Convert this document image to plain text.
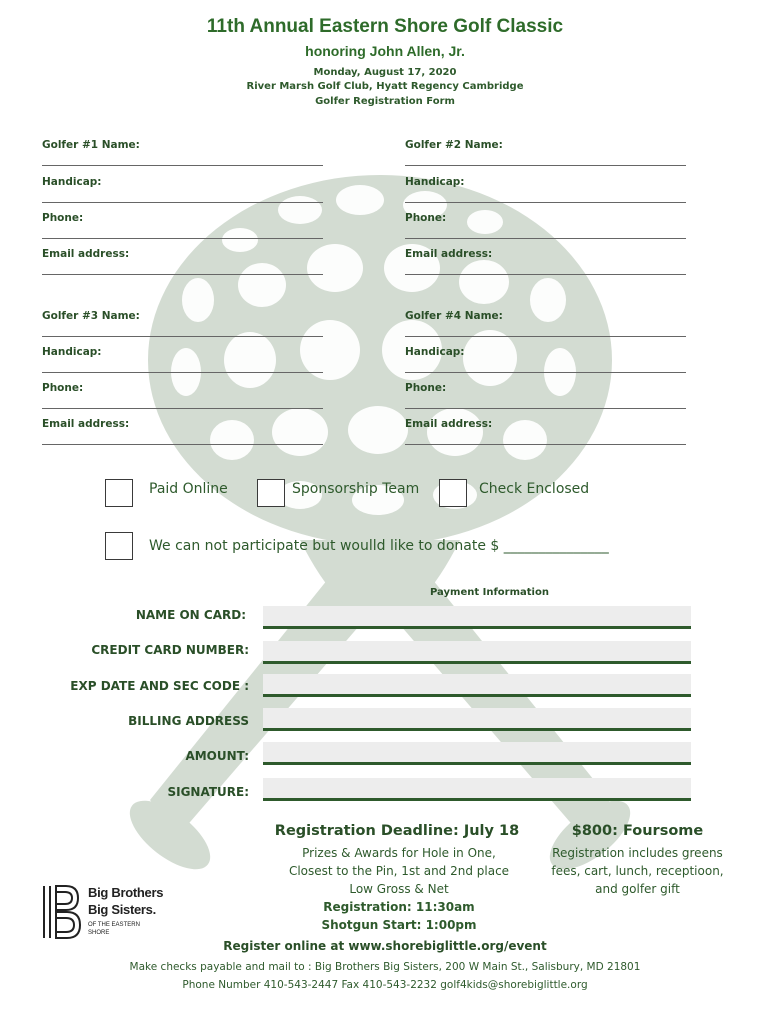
11th Annual Eastern Shore Golf Classic
honoring John Allen, Jr.
Monday, August 17, 2020
River Marsh Golf Club, Hyatt Regency Cambridge
Golfer Registration Form
Golfer #1 Name:
Handicap:
Phone:
Email address:
Golfer #2 Name:
Handicap:
Phone:
Email address:
Golfer #3 Name:
Handicap:
Phone:
Email address:
Golfer #4 Name:
Handicap:
Phone:
Email address:
Paid Online	Sponsorship Team	Check Enclosed
We can not participate but woulld like to donate $ _______________
Payment Information
NAME ON CARD:
CREDIT CARD NUMBER:
EXP DATE AND SEC CODE :
BILLING ADDRESS
AMOUNT:
SIGNATURE:
Registration Deadline: July 18
Prizes & Awards for Hole in One,
Closest to the Pin, 1st and 2nd place
Low Gross & Net
Registration: 11:30am
Shotgun Start: 1:00pm
$800: Foursome
Registration includes greens
fees, cart, lunch, receptioon,
and golfer gift
Big Brothers
Big Sisters.
OF THE EASTERN
SHORE
Register online at www.shorebiglittle.org/event
Make checks payable and mail to : Big Brothers Big Sisters, 200 W Main St., Salisbury, MD 21801
Phone Number 410-543-2447 Fax 410-543-2232 golf4kids@shorebiglittle.org
